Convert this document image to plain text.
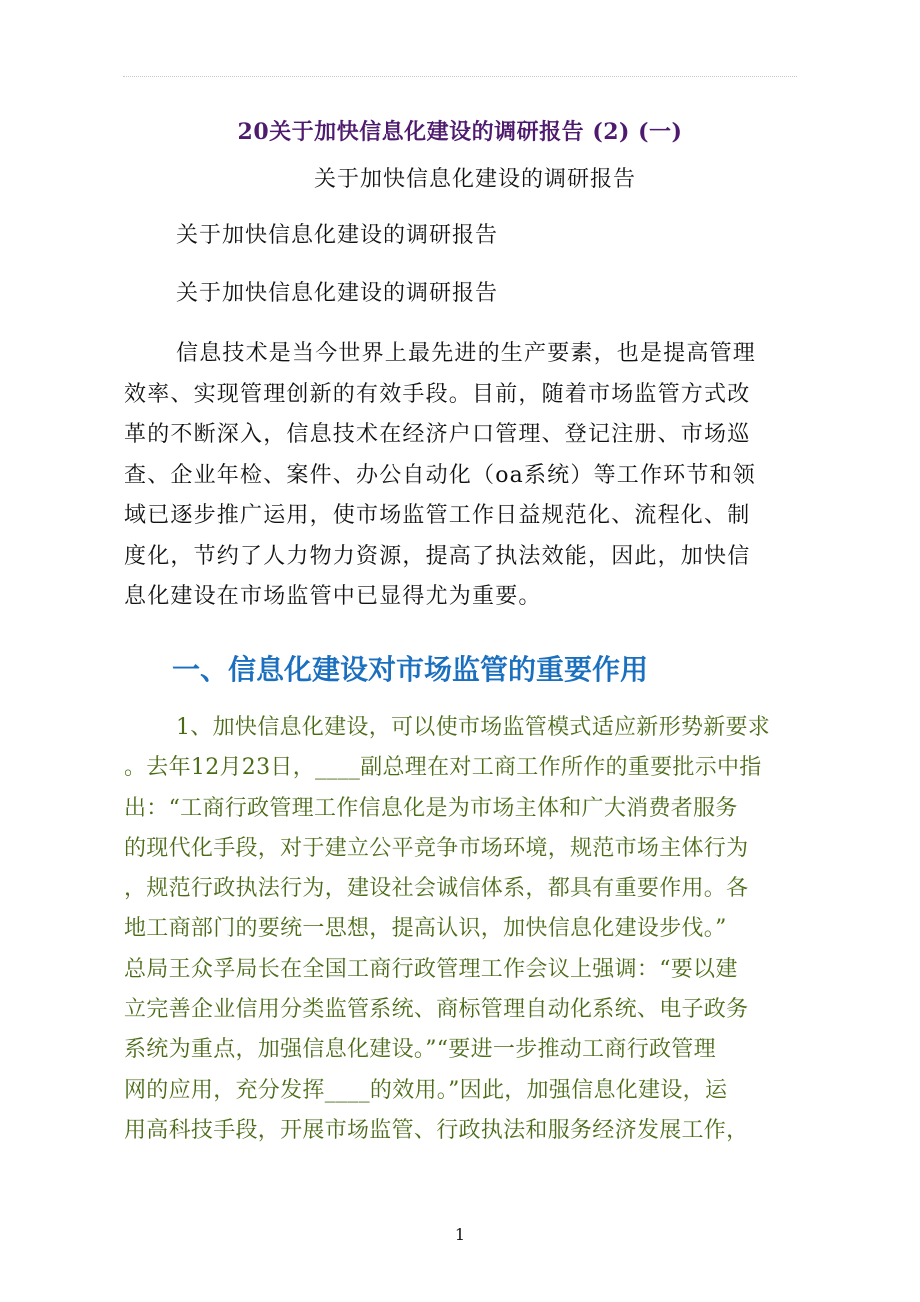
20关于加快信息化建设的调研报告 (2) (一)
关于加快信息化建设的调研报告
关于加快信息化建设的调研报告
关于加快信息化建设的调研报告
信息技术是当今世界上最先进的生产要素，也是提高管理
效率、实现管理创新的有效手段。目前，随着市场监管方式改
革的不断深入，信息技术在经济户口管理、登记注册、市场巡
查、企业年检、案件、办公自动化（oa系统）等工作环节和领
域已逐步推广运用，使市场监管工作日益规范化、流程化、制
度化，节约了人力物力资源，提高了执法效能，因此，加快信
息化建设在市场监管中已显得尤为重要。
一、信息化建设对市场监管的重要作用
1、加快信息化建设，可以使市场监管模式适应新形势新要求
。去年12月23日，____副总理在对工商工作所作的重要批示中指
出：“工商行政管理工作信息化是为市场主体和广大消费者服务
的现代化手段，对于建立公平竞争市场环境，规范市场主体行为
，规范行政执法行为，建设社会诚信体系，都具有重要作用。各
地工商部门的要统一思想，提高认识，加快信息化建设步伐。”
总局王众孚局长在全国工商行政管理工作会议上强调：“要以建
立完善企业信用分类监管系统、商标管理自动化系统、电子政务
系统为重点，加强信息化建设。”“要进一步推动工商行政管理
网的应用，充分发挥____的效用。”因此，加强信息化建设，运
用高科技手段，开展市场监管、行政执法和服务经济发展工作，
1
